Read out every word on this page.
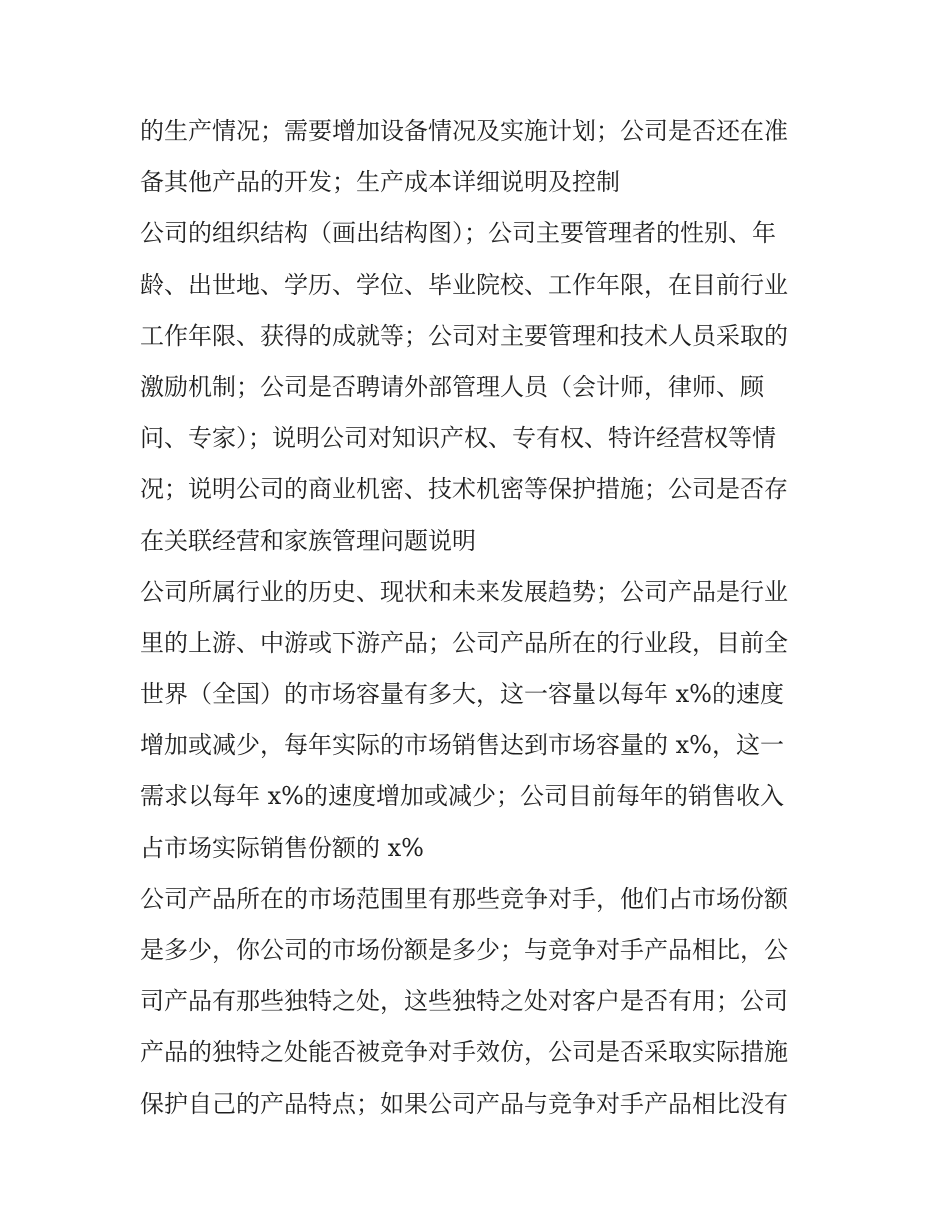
的生产情况；需要增加设备情况及实施计划；公司是否还在准
备其他产品的开发；生产成本详细说明及控制
公司的组织结构（画出结构图）；公司主要管理者的性别、年
龄、出世地、学历、学位、毕业院校、工作年限，在目前行业
工作年限、获得的成就等；公司对主要管理和技术人员采取的
激励机制；公司是否聘请外部管理人员（会计师，律师、顾
问、专家）；说明公司对知识产权、专有权、特许经营权等情
况；说明公司的商业机密、技术机密等保护措施；公司是否存
在关联经营和家族管理问题说明
公司所属行业的历史、现状和未来发展趋势；公司产品是行业
里的上游、中游或下游产品；公司产品所在的行业段，目前全
世界（全国）的市场容量有多大，这一容量以每年 x%的速度
增加或减少，每年实际的市场销售达到市场容量的 x%，这一
需求以每年 x%的速度增加或减少；公司目前每年的销售收入
占市场实际销售份额的 x%
公司产品所在的市场范围里有那些竞争对手，他们占市场份额
是多少，你公司的市场份额是多少；与竞争对手产品相比，公
司产品有那些独特之处，这些独特之处对客户是否有用；公司
产品的独特之处能否被竞争对手效仿，公司是否采取实际措施
保护自己的产品特点；如果公司产品与竞争对手产品相比没有
